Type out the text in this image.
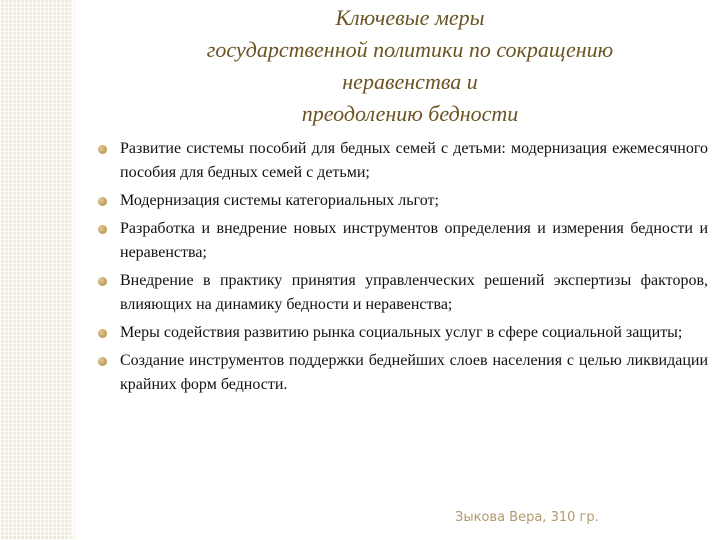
Ключевые меры
государственной политики по сокращению
неравенства и
преодолению бедности
Развитие системы пособий для бедных семей с детьми: модернизация ежемесячного пособия для бедных семей с детьми;
Модернизация системы категориальных льгот;
Разработка и внедрение новых инструментов определения и измерения бедности и неравенства;
Внедрение в практику принятия управленческих решений экспертизы факторов, влияющих на динамику бедности и неравенства;
Меры содействия развитию рынка социальных услуг в сфере социальной защиты;
Создание инструментов поддержки беднейших слоев населения с целью ликвидации крайних форм бедности.
Зыкова Вера, 310 гр.
